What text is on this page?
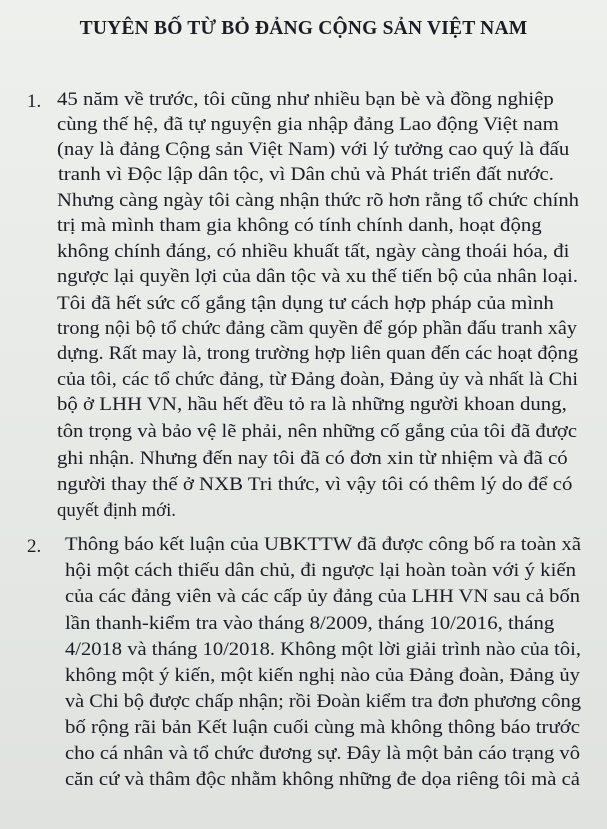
TUYÊN BỐ TỪ BỎ ĐẢNG CỘNG SẢN VIỆT NAM
1. 45 năm về trước, tôi cũng như nhiều bạn bè và đồng nghiệp
cùng thế hệ, đã tự nguyện gia nhập đảng Lao động Việt nam
(nay là đảng Cộng sản Việt Nam) với lý tưởng cao quý là đấu
tranh vì Độc lập dân tộc, vì Dân chủ và Phát triển đất nước.
Nhưng càng ngày tôi càng nhận thức rõ hơn rằng tổ chức chính
trị mà mình tham gia không có tính chính danh, hoạt động
không chính đáng, có nhiều khuất tất, ngày càng thoái hóa, đi
ngược lại quyền lợi của dân tộc và xu thế tiến bộ của nhân loại.
Tôi đã hết sức cố gắng tận dụng tư cách hợp pháp của mình
trong nội bộ tổ chức đảng cầm quyền để góp phần đấu tranh xây
dựng. Rất may là, trong trường hợp liên quan đến các hoạt động
của tôi, các tổ chức đảng, từ Đảng đoàn, Đảng ủy và nhất là Chi
bộ ở LHH VN, hầu hết đều tỏ ra là những người khoan dung,
tôn trọng và bảo vệ lẽ phải, nên những cố gắng của tôi đã được
ghi nhận. Nhưng đến nay tôi đã có đơn xin từ nhiệm và đã có
người thay thế ở NXB Tri thức, vì vậy tôi có thêm lý do để có
quyết định mới.
2. Thông báo kết luận của UBKTTW đã được công bố ra toàn xã
hội một cách thiếu dân chủ, đi ngược lại hoàn toàn với ý kiến
của các đảng viên và các cấp ủy đảng của LHH VN sau cả bốn
lần thanh-kiểm tra vào tháng 8/2009, tháng 10/2016, tháng
4/2018 và tháng 10/2018. Không một lời giải trình nào của tôi,
không một ý kiến, một kiến nghị nào của Đảng đoàn, Đảng ủy
và Chi bộ được chấp nhận; rồi Đoàn kiểm tra đơn phương công
bố rộng rãi bản Kết luận cuối cùng mà không thông báo trước
cho cá nhân và tổ chức đương sự. Đây là một bản cáo trạng vô
căn cứ và thâm độc nhằm không những đe dọa riêng tôi mà cả
